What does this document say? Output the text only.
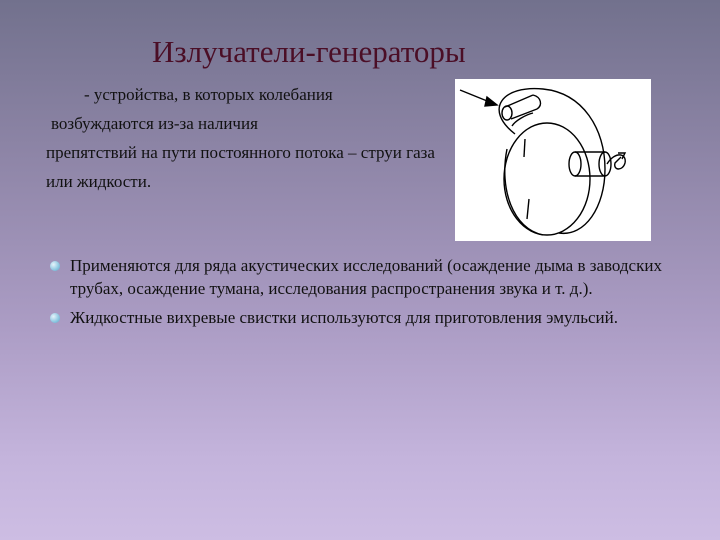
Излучатели-генераторы
- устройства, в которых колебания
возбуждаются из-за наличия
препятствий на пути постоянного потока – струи газа
или жидкости.
Применяются для ряда акустических исследований (осаждение дыма в заводских трубах, осаждение тумана, исследования распространения звука и т. д.).
Жидкостные вихревые свистки используются для приготовления эмульсий.
